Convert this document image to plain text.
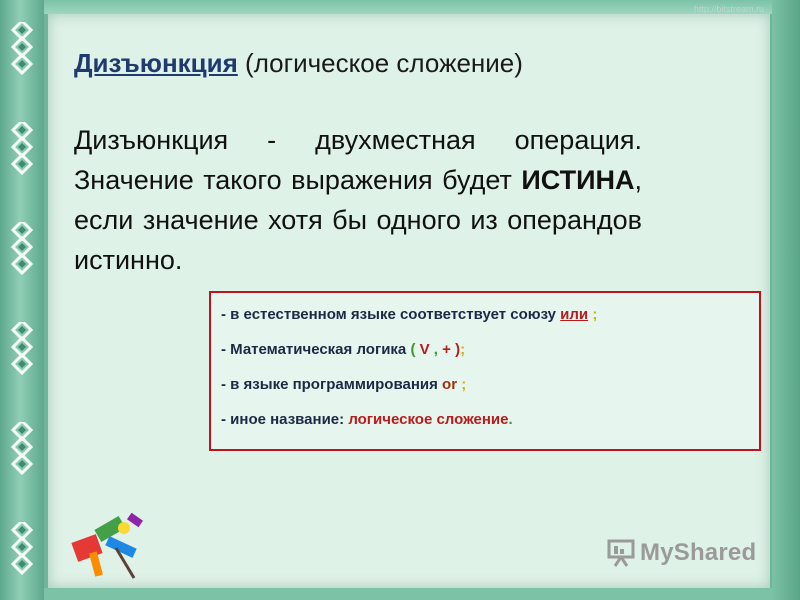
http://bitstream.ru
Дизъюнкция (логическое сложение)
Дизъюнкция - двухместная операция. Значение такого выражения будет ИСТИНА, если значение хотя бы одного из операндов истинно.
- в естественном языке соответствует союзу или ;
- Математическая логика ( V , + );
- в языке программирования or ;
- иное название: логическое сложение.
MyShared
